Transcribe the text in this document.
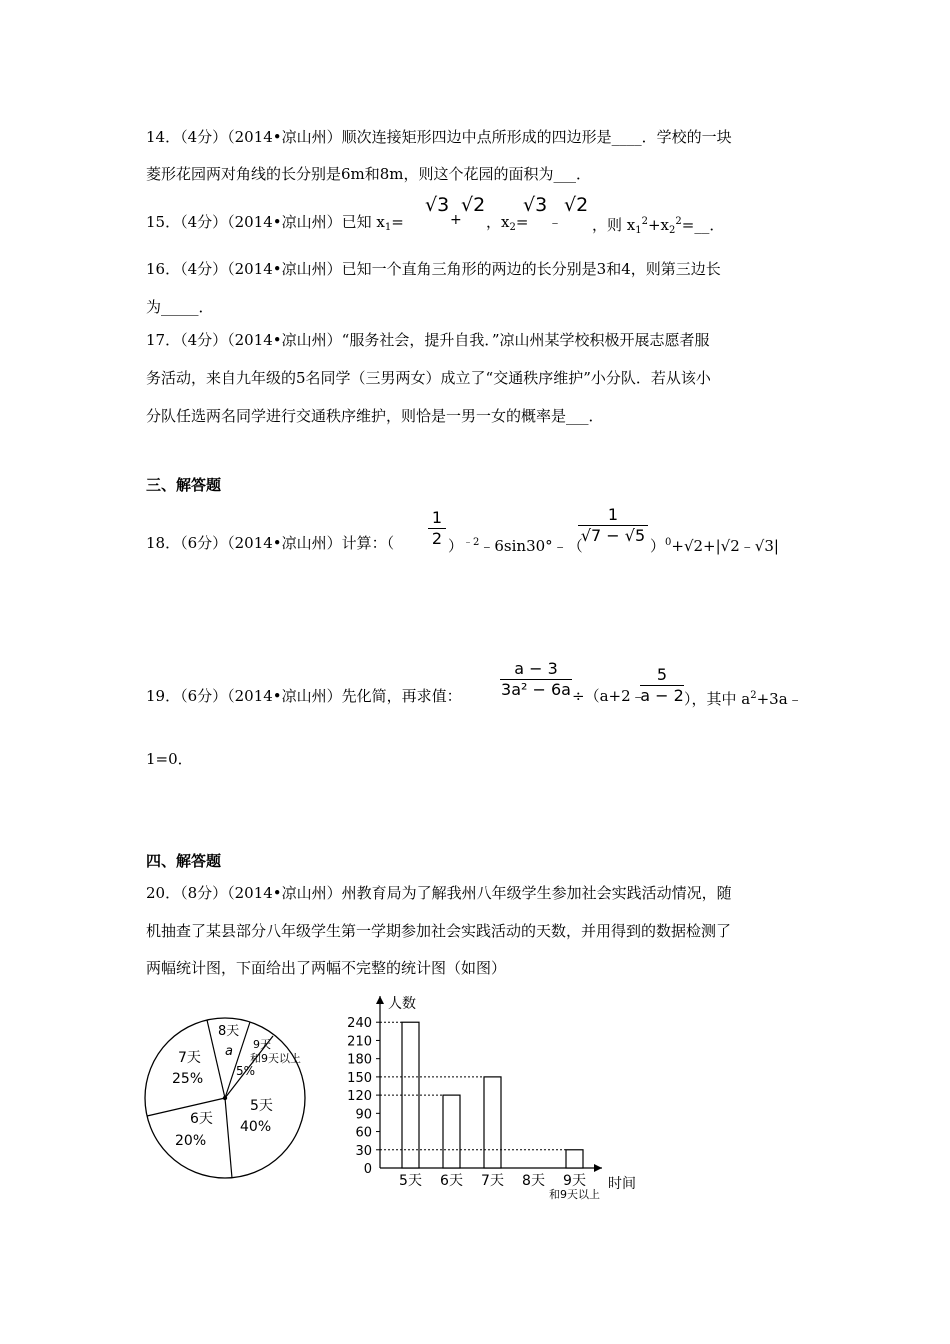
14．（4分）（2014•凉山州）顺次连接矩形四边中点所形成的四边形是____．学校的一块
菱形花园两对角线的长分别是6m和8m，则这个花园的面积为___．
15．（4分）（2014•凉山州）已知 $x_1=$
√3
+
√2
，$x_2=$
√3
﹣
√2
，则 $x_1^2+x_2^2=\_\_$．
16．（4分）（2014•凉山州）已知一个直角三角形的两边的长分别是3和4，则第三边长
为_____．
17．（4分）（2014•凉山州）“服务社会，提升自我．”凉山州某学校积极开展志愿者服
务活动，来自九年级的5名同学（三男两女）成立了“交通秩序维护”小分队．若从该小
分队任选两名同学进行交通秩序维护，则恰是一男一女的概率是___．
三、解答题
18．（6分）（2014•凉山州）计算：（
1
2 ）$^{﹣2}$﹣6sin30°﹣（
1
√7 − √5
）$^0$+√2+|√2﹣√3|
19．（6分）（2014•凉山州）先化简，再求值：
a − 3
3a² − 6a ÷（a+2﹣
5
a − 2 ），其中 $a^2+3a﹣$
1=0．
四、解答题
20．（8分）（2014•凉山州）州教育局为了解我州八年级学生参加社会实践活动情况，随
机抽查了某县部分八年级学生第一学期参加社会实践活动的天数，并用得到的数据检测了
两幅统计图，下面给出了两幅不完整的统计图（如图）
8天
a 9天
和9天以上
5%
7天
25%
5天
40%
6天
20%
人数
时间
0
30
60
90
120
150
180
210
240
5天 6天 7天 8天 9天
和9天以上
